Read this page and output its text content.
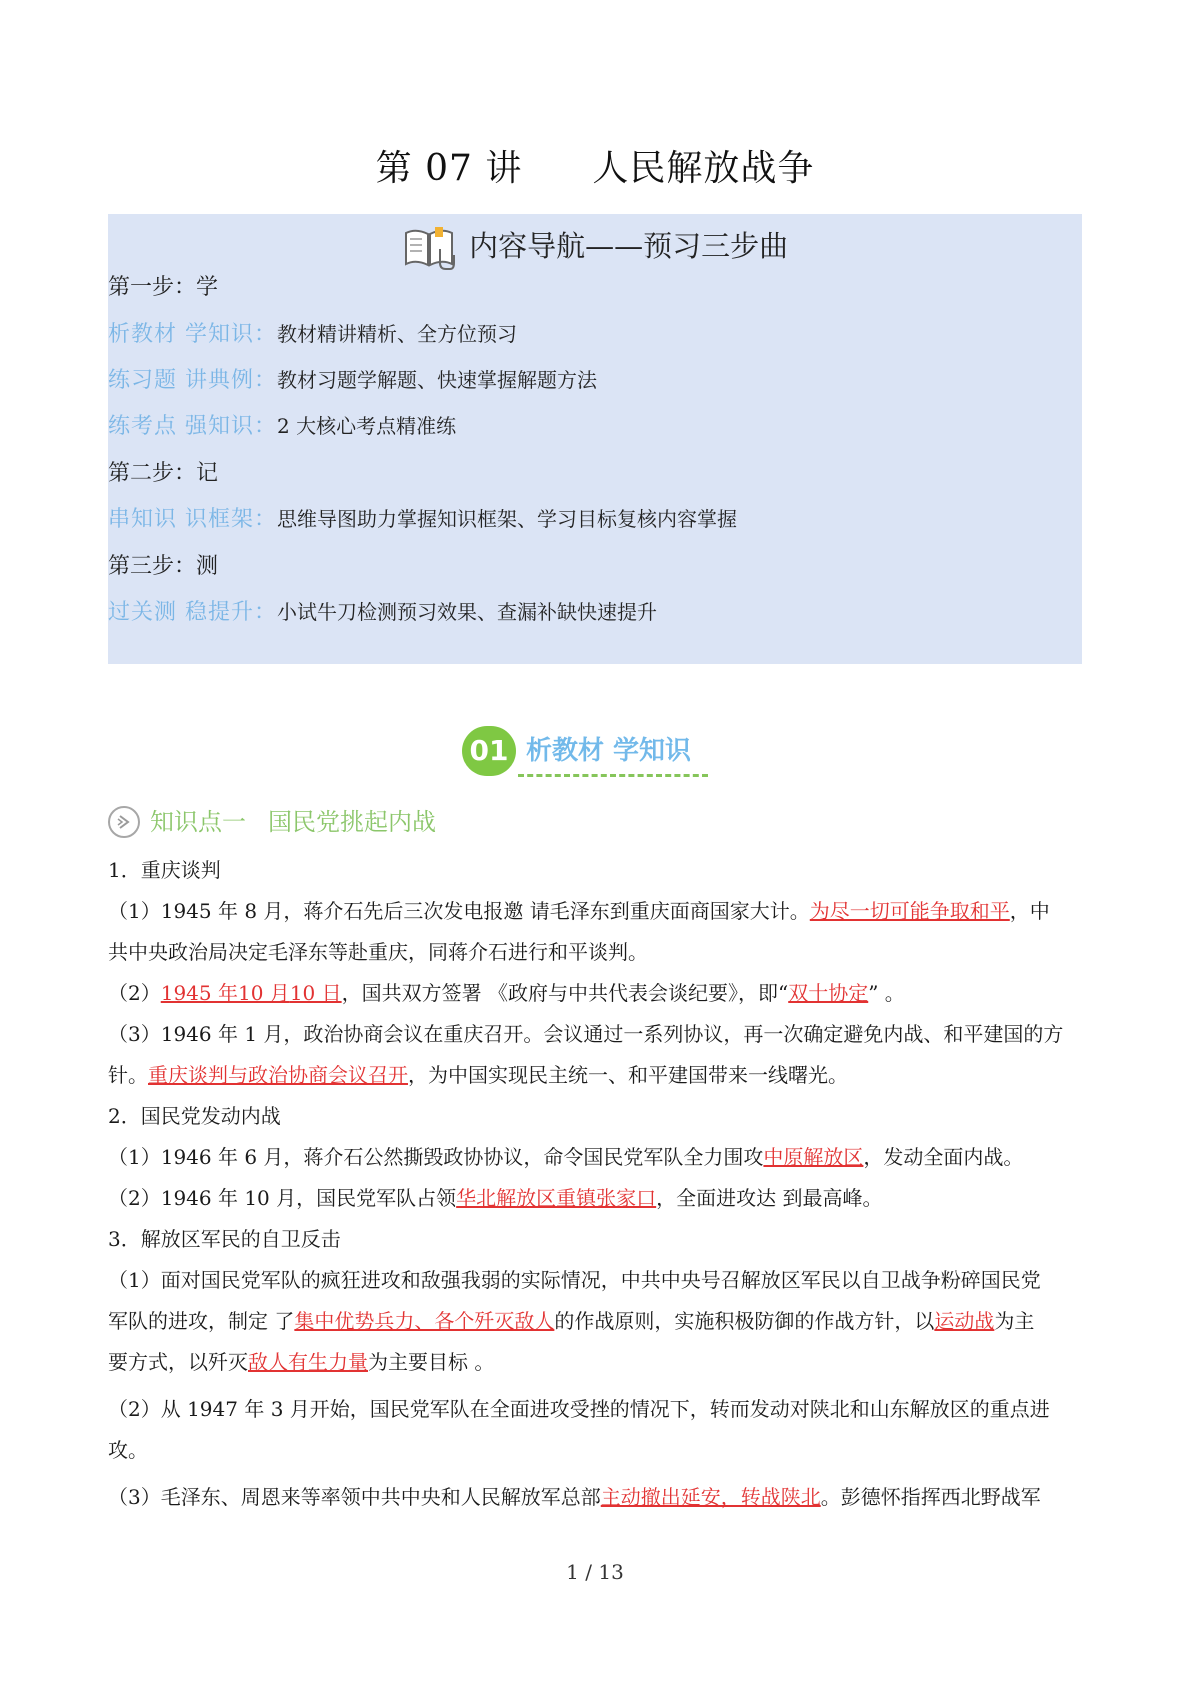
第 07 讲 人民解放战争
内容导航——预习三步曲
第一步：学
析教材 学知识：教材精讲精析、全方位预习
练习题 讲典例：教材习题学解题、快速掌握解题方法
练考点 强知识：2 大核心考点精准练
第二步：记
串知识 识框架：思维导图助力掌握知识框架、学习目标复核内容掌握
第三步：测
过关测 稳提升：小试牛刀检测预习效果、查漏补缺快速提升
01 析教材 学知识
知识点一 国民党挑起内战
1．重庆谈判
（1）1945 年 8 月，蒋介石先后三次发电报邀 请毛泽东到重庆面商国家大计。为尽一切可能争取和平，中
共中央政治局决定毛泽东等赴重庆，同蒋介石进行和平谈判。
（2）1945 年10 月10 日，国共双方签署 《政府与中共代表会谈纪要》，即“双十协定” 。
（3）1946 年 1 月，政治协商会议在重庆召开。会议通过一系列协议，再一次确定避免内战、和平建国的方
针。重庆谈判与政治协商会议召开，为中国实现民主统一、和平建国带来一线曙光。
2．国民党发动内战
（1）1946 年 6 月，蒋介石公然撕毁政协协议，命令国民党军队全力围攻中原解放区，发动全面内战。
（2）1946 年 10 月，国民党军队占领华北解放区重镇张家口，全面进攻达 到最高峰。
3．解放区军民的自卫反击
（1）面对国民党军队的疯狂进攻和敌强我弱的实际情况，中共中央号召解放区军民以自卫战争粉碎国民党
军队的进攻，制定 了集中优势兵力、各个歼灭敌人的作战原则，实施积极防御的作战方针，以运动战为主
要方式，以歼灭敌人有生力量为主要目标 。
（2）从 1947 年 3 月开始，国民党军队在全面进攻受挫的情况下，转而发动对陕北和山东解放区的重点进
攻。
（3）毛泽东、周恩来等率领中共中央和人民解放军总部主动撤出延安，转战陕北。彭德怀指挥西北野战军
1 / 13
